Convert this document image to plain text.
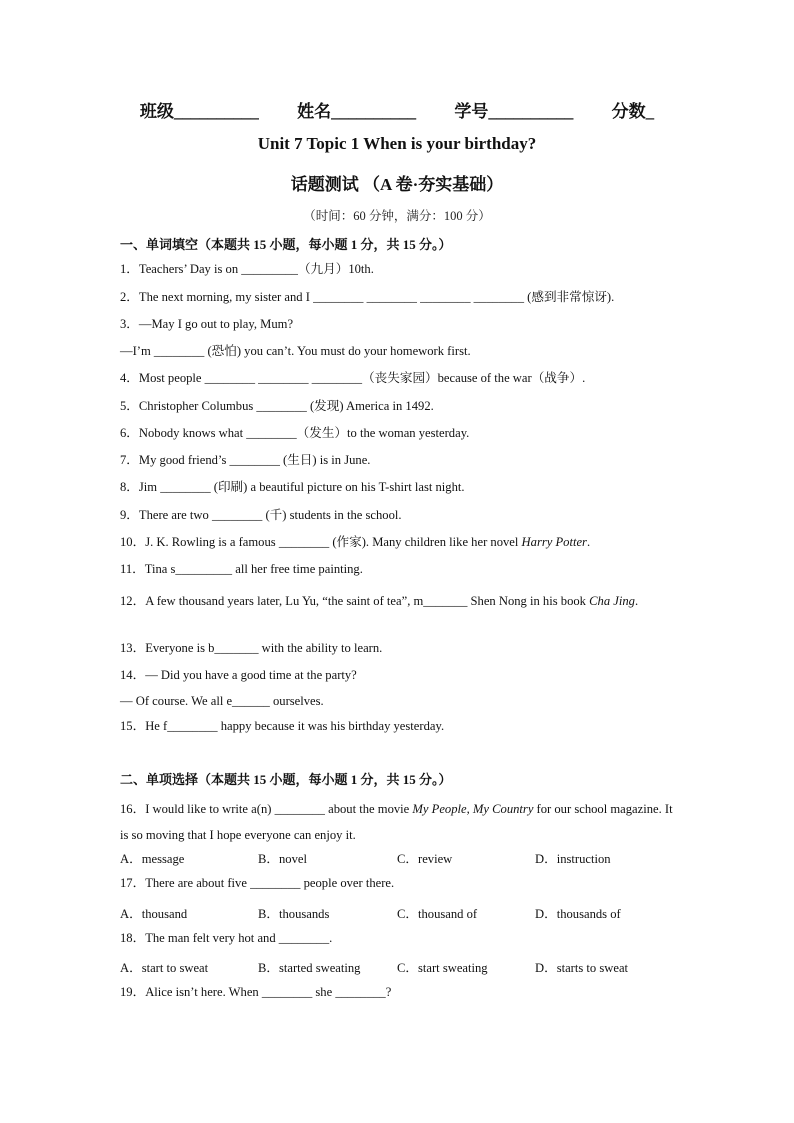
班级__________ 姓名__________ 学号__________ 分数_
Unit 7 Topic 1 When is your birthday?
话题测试 （A 卷·夯实基础）
（时间：60 分钟，满分：100 分）
一、单词填空（本题共 15 小题，每小题 1 分，共 15 分。）
1．Teachers’ Day is on _________（九月）10th.
2．The next morning, my sister and I ________ ________ ________ ________ (感到非常惊讶).
3．—May I go out to play, Mum?
—I’m ________ (恐怕) you can’t. You must do your homework first.
4．Most people ________ ________ ________（丧失家园）because of the war（战争）.
5．Christopher Columbus ________ (发现) America in 1492.
6．Nobody knows what ________（发生）to the woman yesterday.
7．My good friend’s ________ (生日) is in June.
8．Jim ________ (印刷) a beautiful picture on his T-shirt last night.
9．There are two ________ (千) students in the school.
10．J. K. Rowling is a famous ________ (作家). Many children like her novel Harry Potter.
11．Tina s_________ all her free time painting.
12．A few thousand years later, Lu Yu, “the saint of tea”, m_______ Shen Nong in his book Cha Jing.
13．Everyone is b_______ with the ability to learn.
14．— Did you have a good time at the party?
— Of course. We all e______ ourselves.
15．He f________ happy because it was his birthday yesterday.
二、单项选择（本题共 15 小题，每小题 1 分，共 15 分。）
16．I would like to write a(n) ________ about the movie My People, My Country for our school magazine. It is so moving that I hope everyone can enjoy it.
A．message	B．novel	C．review	D．instruction
17．There are about five ________ people over there.
A．thousand	B．thousands	C．thousand of	D．thousands of
18．The man felt very hot and ________.
A．start to sweat	B．started sweating	C．start sweating	D．starts to sweat
19．Alice isn’t here. When ________ she ________?
